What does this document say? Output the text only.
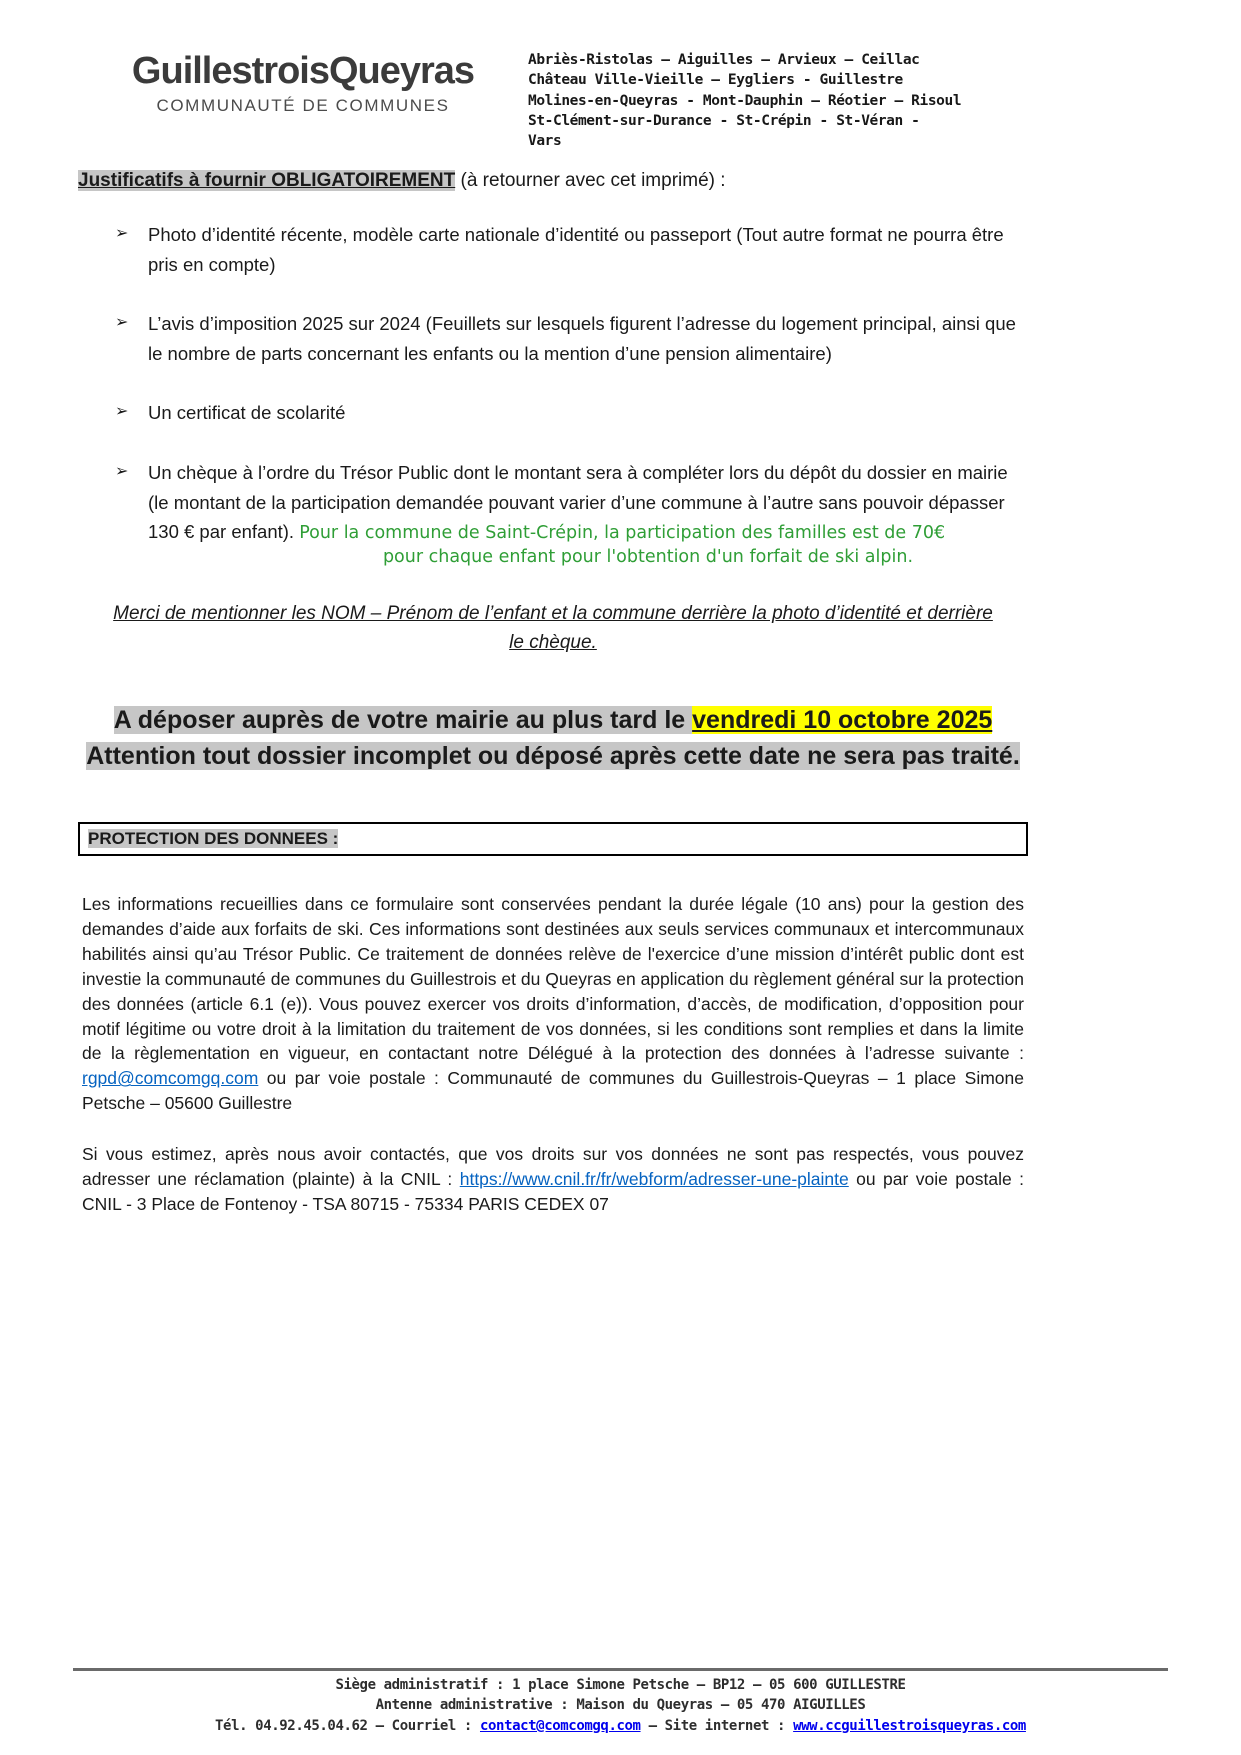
GuillestroisQueyras
COMMUNAUTÉ DE COMMUNES
Abriès-Ristolas – Aiguilles – Arvieux – Ceillac
Château Ville-Vieille – Eygliers - Guillestre
Molines-en-Queyras - Mont-Dauphin – Réotier – Risoul
St-Clément-sur-Durance - St-Crépin - St-Véran -
Vars

Justificatifs à fournir OBLIGATOIREMENT (à retourner avec cet imprimé) :

➢ Photo d’identité récente, modèle carte nationale d’identité ou passeport (Tout autre format ne pourra être pris en compte)
➢ L’avis d’imposition 2025 sur 2024 (Feuillets sur lesquels figurent l’adresse du logement principal, ainsi que le nombre de parts concernant les enfants ou la mention d’une pension alimentaire)
➢ Un certificat de scolarité
➢ Un chèque à l’ordre du Trésor Public dont le montant sera à compléter lors du dépôt du dossier en mairie (le montant de la participation demandée pouvant varier d’une commune à l’autre sans pouvoir dépasser 130 € par enfant). Pour la commune de Saint-Crépin, la participation des familles est de 70€
pour chaque enfant pour l'obtention d'un forfait de ski alpin.

Merci de mentionner les NOM – Prénom de l’enfant et la commune derrière la photo d’identité et derrière le chèque.

A déposer auprès de votre mairie au plus tard le vendredi 10 octobre 2025
Attention tout dossier incomplet ou déposé après cette date ne sera pas traité.
PROTECTION DES DONNEES :

Les informations recueillies dans ce formulaire sont conservées pendant la durée légale (10 ans) pour la gestion des demandes d’aide aux forfaits de ski. Ces informations sont destinées aux seuls services communaux et intercommunaux habilités ainsi qu’au Trésor Public. Ce traitement de données relève de l'exercice d’une mission d’intérêt public dont est investie la communauté de communes du Guillestrois et du Queyras en application du règlement général sur la protection des données (article 6.1 (e)). Vous pouvez exercer vos droits d’information, d’accès, de modification, d’opposition pour motif légitime ou votre droit à la limitation du traitement de vos données, si les conditions sont remplies et dans la limite de la règlementation en vigueur, en contactant notre Délégué à la protection des données à l’adresse suivante : rgpd@comcomgq.com ou par voie postale : Communauté de communes du Guillestrois-Queyras – 1 place Simone Petsche – 05600 Guillestre

Si vous estimez, après nous avoir contactés, que vos droits sur vos données ne sont pas respectés, vous pouvez adresser une réclamation (plainte) à la CNIL : https://www.cnil.fr/fr/webform/adresser-une-plainte ou par voie postale : CNIL - 3 Place de Fontenoy - TSA 80715 - 75334 PARIS CEDEX 07

Siège administratif : 1 place Simone Petsche – BP12 – 05 600 GUILLESTRE
Antenne administrative : Maison du Queyras – 05 470 AIGUILLES
Tél. 04.92.45.04.62 – Courriel : contact@comcomgq.com – Site internet : www.ccguillestroisqueyras.com
